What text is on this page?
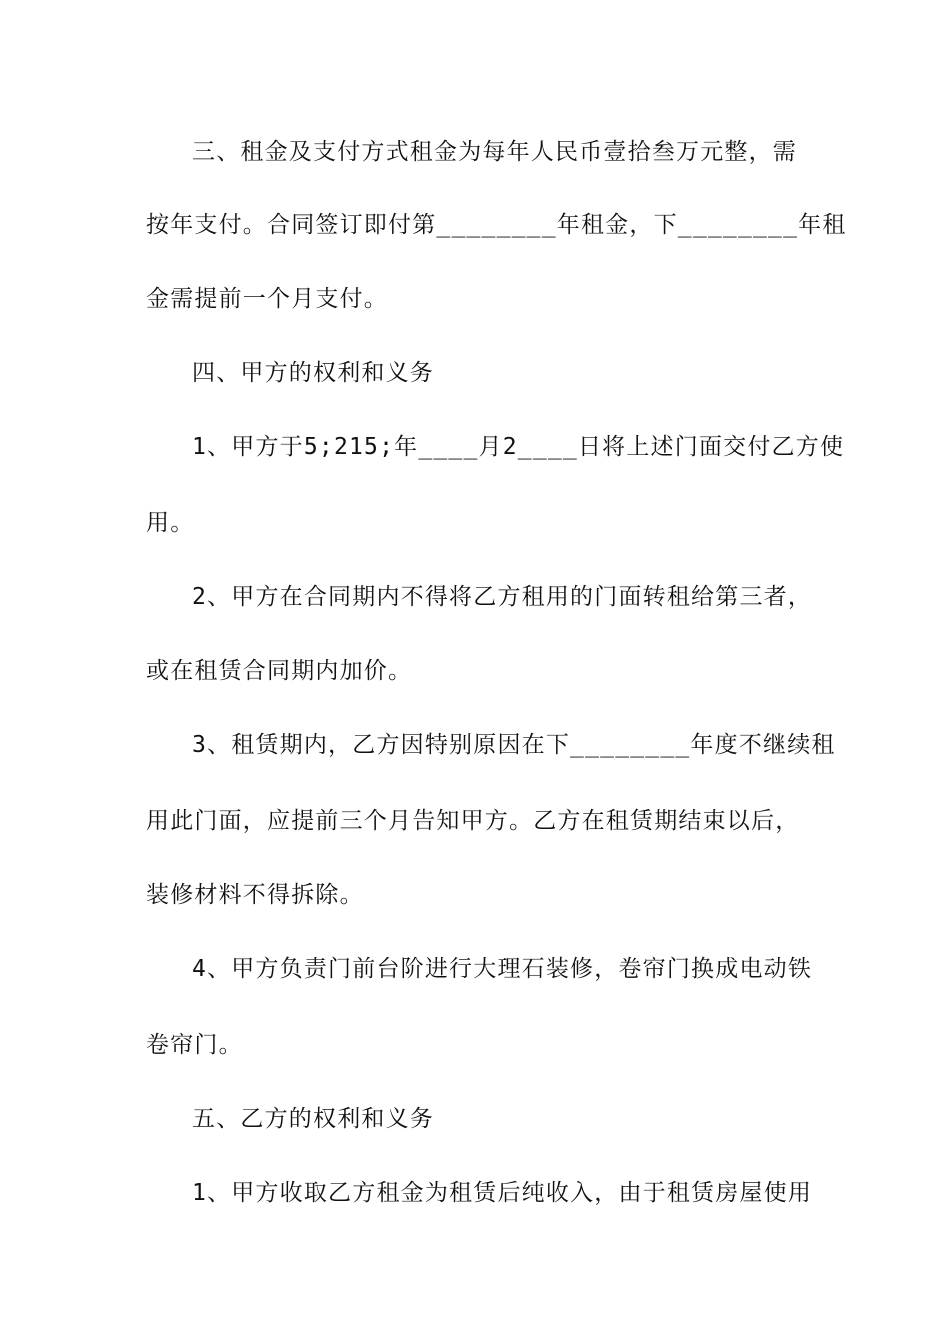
三、租金及支付方式租金为每年人民币壹拾叁万元整，需
按年支付。合同签订即付第________年租金，下________年租
金需提前一个月支付。
四、甲方的权利和义务
1、甲方于5;215;年____月2____日将上述门面交付乙方使
用。
2、甲方在合同期内不得将乙方租用的门面转租给第三者，
或在租赁合同期内加价。
3、租赁期内，乙方因特别原因在下________年度不继续租
用此门面，应提前三个月告知甲方。乙方在租赁期结束以后，
装修材料不得拆除。
4、甲方负责门前台阶进行大理石装修，卷帘门换成电动铁
卷帘门。
五、乙方的权利和义务
1、甲方收取乙方租金为租赁后纯收入，由于租赁房屋使用
